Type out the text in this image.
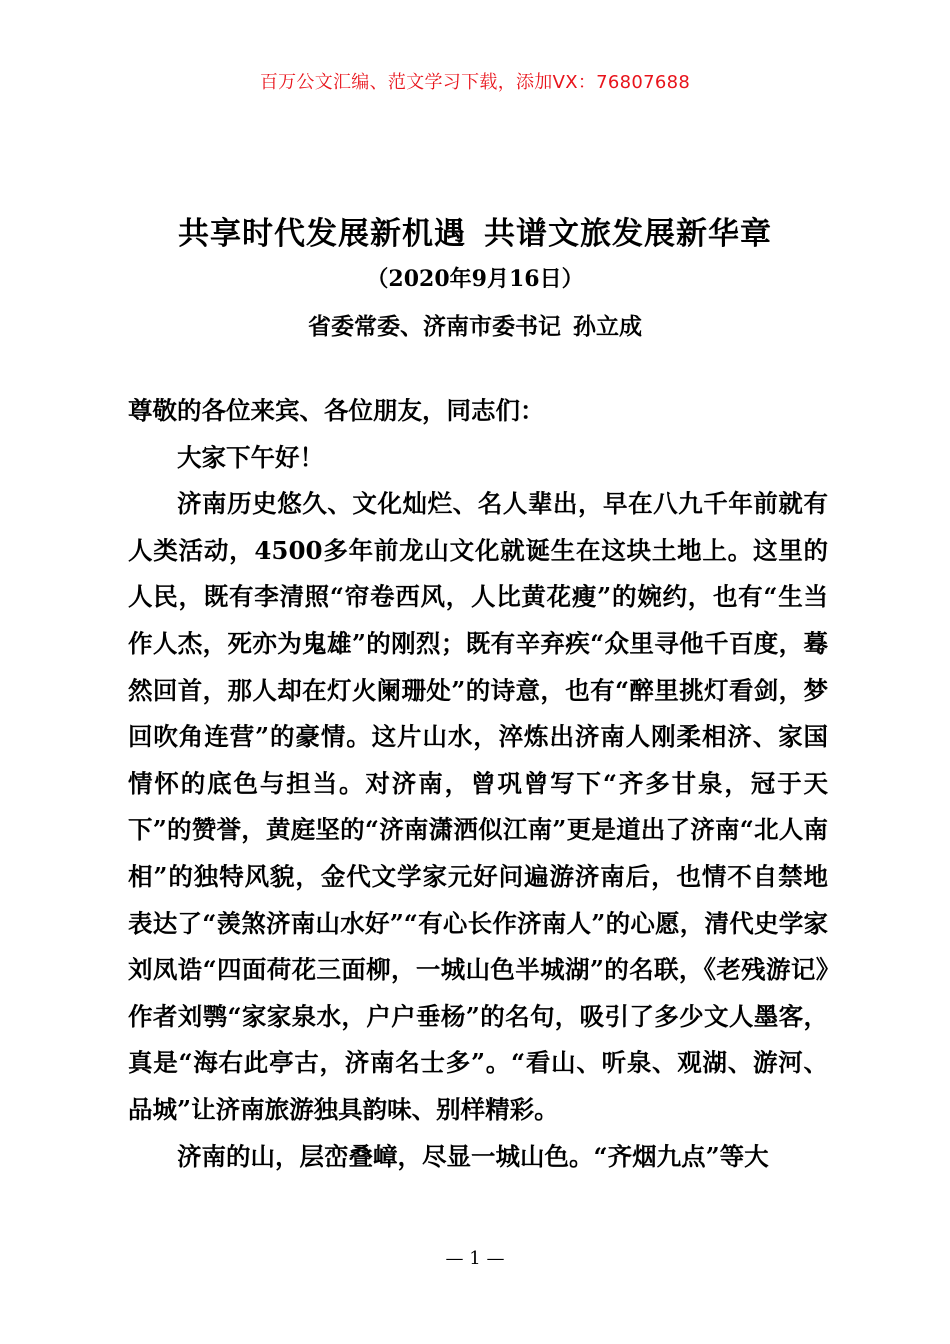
百万公文汇编、范文学习下载，添加VX：76807688
共享时代发展新机遇 共谱文旅发展新华章
（2020年9月16日）
省委常委、济南市委书记 孙立成

尊敬的各位来宾、各位朋友，同志们：

大家下午好！

济南历史悠久、文化灿烂、名人辈出，早在八九千年前就有人类活动，4500多年前龙山文化就诞生在这块土地上。这里的人民，既有李清照“帘卷西风，人比黄花瘦”的婉约，也有“生当作人杰，死亦为鬼雄”的刚烈；既有辛弃疾“众里寻他千百度，蓦然回首，那人却在灯火阑珊处”的诗意，也有“醉里挑灯看剑，梦回吹角连营”的豪情。这片山水，淬炼出济南人刚柔相济、家国情怀的底色与担当。对济南，曾巩曾写下“齐多甘泉，冠于天下”的赞誉，黄庭坚的“济南潇洒似江南”更是道出了济南“北人南相”的独特风貌，金代文学家元好问遍游济南后，也情不自禁地表达了“羡煞济南山水好”“有心长作济南人”的心愿，清代史学家刘凤诰“四面荷花三面柳，一城山色半城湖”的名联，《老残游记》作者刘鹗“家家泉水，户户垂杨”的名句，吸引了多少文人墨客，真是“海右此亭古，济南名士多”。“看山、听泉、观湖、游河、品城”让济南旅游独具韵味、别样精彩。

济南的山，层峦叠嶂，尽显一城山色。“齐烟九点”等大

— 1 —
